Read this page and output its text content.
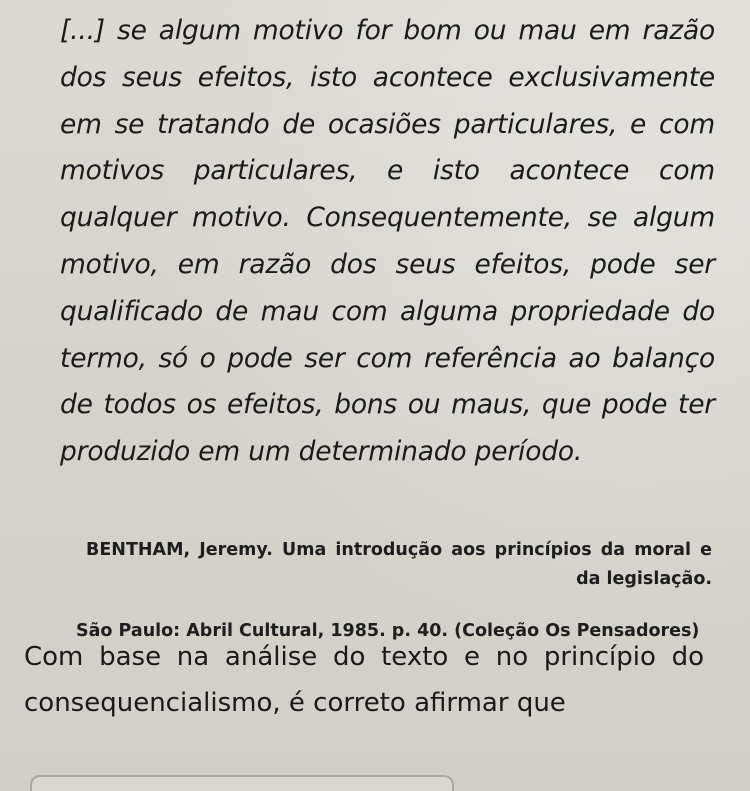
[...] se algum motivo for bom ou mau em razão dos seus efeitos, isto acontece exclusivamente em se tratando de ocasiões particulares, e com motivos particulares, e isto acontece com qualquer motivo. Consequentemente, se algum motivo, em razão dos seus efeitos, pode ser qualificado de mau com alguma propriedade do termo, só o pode ser com referência ao balanço de todos os efeitos, bons ou maus, que pode ter produzido em um determinado período.

BENTHAM, Jeremy. Uma introdução aos princípios da moral e da legislação.

São Paulo: Abril Cultural, 1985. p. 40. (Coleção Os Pensadores)

Com base na análise do texto e no princípio do consequencialismo, é correto afirmar que
